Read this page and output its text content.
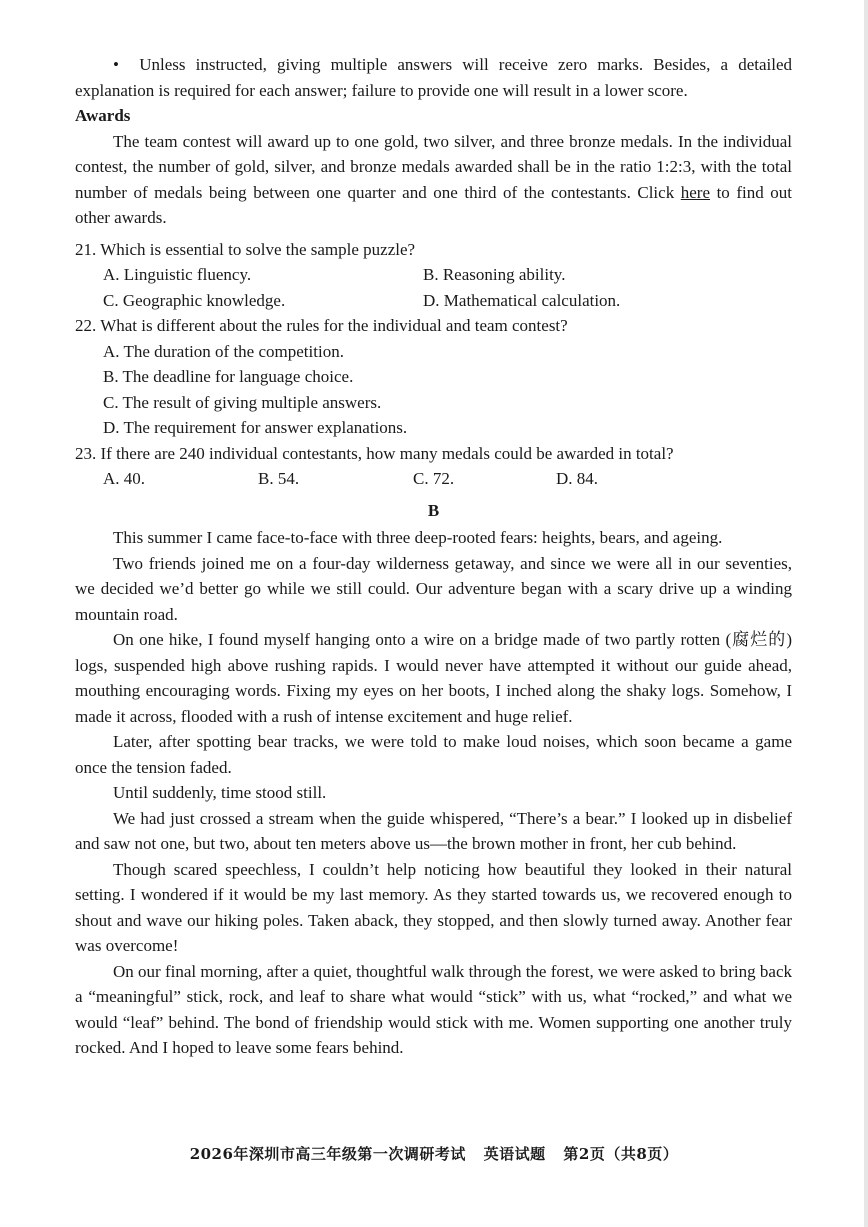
• Unless instructed, giving multiple answers will receive zero marks. Besides, a detailed explanation is required for each answer; failure to provide one will result in a lower score.

Awards

The team contest will award up to one gold, two silver, and three bronze medals. In the individual contest, the number of gold, silver, and bronze medals awarded shall be in the ratio 1:2:3, with the total number of medals being between one quarter and one third of the contestants. Click here to find out other awards.

21. Which is essential to solve the sample puzzle?

A. Linguistic fluency.	B. Reasoning ability.
C. Geographic knowledge.	D. Mathematical calculation.

22. What is different about the rules for the individual and team contest?

A. The duration of the competition.
B. The deadline for language choice.
C. The result of giving multiple answers.
D. The requirement for answer explanations.

23. If there are 240 individual contestants, how many medals could be awarded in total?

A. 40.	B. 54.	C. 72.	D. 84.

B

This summer I came face-to-face with three deep-rooted fears: heights, bears, and ageing.

Two friends joined me on a four-day wilderness getaway, and since we were all in our seventies, we decided we’d better go while we still could. Our adventure began with a scary drive up a winding mountain road.

On one hike, I found myself hanging onto a wire on a bridge made of two partly rotten (腐烂的) logs, suspended high above rushing rapids. I would never have attempted it without our guide ahead, mouthing encouraging words. Fixing my eyes on her boots, I inched along the shaky logs. Somehow, I made it across, flooded with a rush of intense excitement and huge relief.

Later, after spotting bear tracks, we were told to make loud noises, which soon became a game once the tension faded.

Until suddenly, time stood still.

We had just crossed a stream when the guide whispered, “There’s a bear.” I looked up in disbelief and saw not one, but two, about ten meters above us—the brown mother in front, her cub behind.

Though scared speechless, I couldn’t help noticing how beautiful they looked in their natural setting. I wondered if it would be my last memory. As they started towards us, we recovered enough to shout and wave our hiking poles. Taken aback, they stopped, and then slowly turned away. Another fear was overcome!

On our final morning, after a quiet, thoughtful walk through the forest, we were asked to bring back a “meaningful” stick, rock, and leaf to share what would “stick” with us, what “rocked,” and what we would “leaf” behind. The bond of friendship would stick with me. Women supporting one another truly rocked. And I hoped to leave some fears behind.

2026年深圳市高三年级第一次调研考试 英语试题 第2页（共8页）
